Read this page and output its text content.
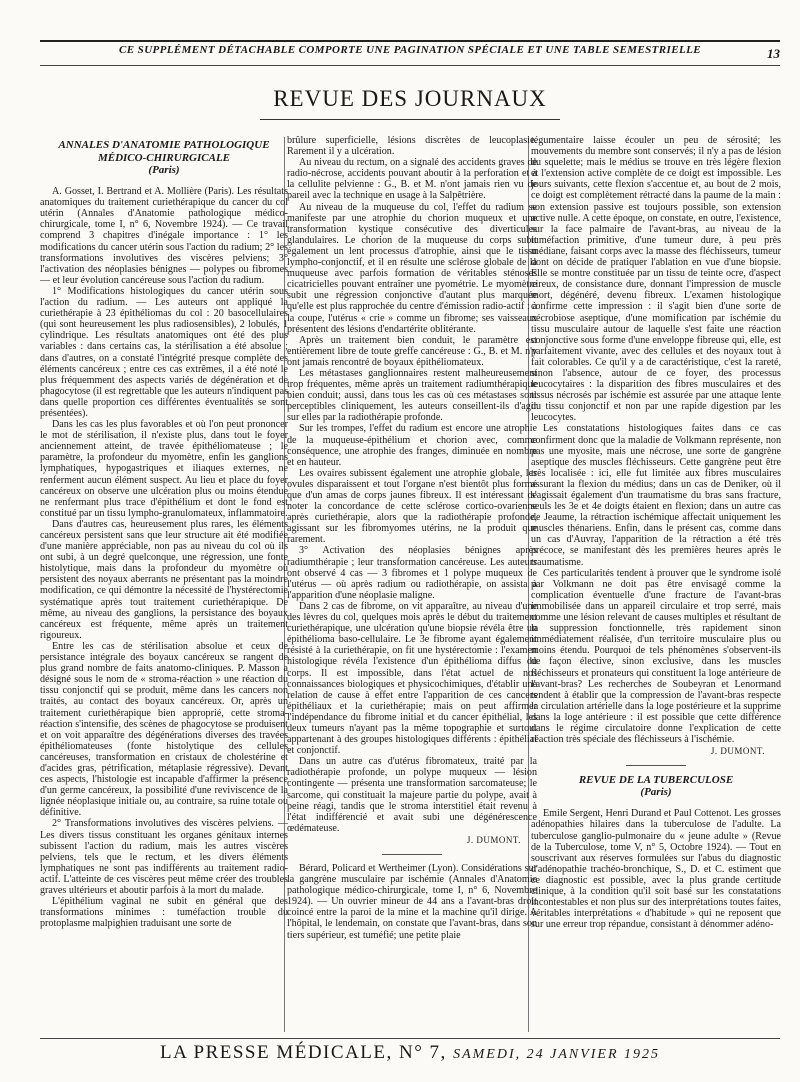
CE SUPPLÉMENT DÉTACHABLE COMPORTE UNE PAGINATION SPÉCIALE ET UNE TABLE SEMESTRIELLE	13
REVUE DES JOURNAUX
ANNALES D'ANATOMIE PATHOLOGIQUE MÉDICO-CHIRURGICALE
(Paris)

A. Gosset, I. Bertrand et A. Mollière (Paris). Les résultats anatomiques du traitement curiethérapique du cancer du col utérin (Annales d'Anatomie pathologique médico-chirurgicale, tome I, n° 6, Novembre 1924). — Ce travail comprend 3 chapitres d'inégale importance : 1° les modifications du cancer utérin sous l'action du radium; 2° les transformations involutives des viscères pelviens; 3° l'activation des néoplasies bénignes — polypes ou fibromes — et leur évolution cancéreuse sous l'action du radium.

1° Modifications histologiques du cancer utérin sous l'action du radium. — Les auteurs ont appliqué la curiethérapie à 23 épithéliomas du col : 20 basocellulaires (qui sont heureusement les plus radiosensibles), 2 lobulés, 1 cylindrique. Les résultats anatomiques ont été des plus variables : dans certains cas, la stérilisation a été absolue ; dans d'autres, on a constaté l'intégrité presque complète des éléments cancéreux ; entre ces cas extrêmes, il a été noté le plus fréquemment des aspects variés de dégénération et de phagocytose (il est regrettable que les auteurs n'indiquent pas dans quelle proportion ces différentes éventualités se sont présentées).

Dans les cas les plus favorables et où l'on peut prononcer le mot de stérilisation, il n'existe plus, dans tout le foyer anciennement atteint, de travée épithéliomateuse ; le paramètre, la profondeur du myomètre, enfin les ganglions lymphatiques, hypogastriques et iliaques externes, ne renferment aucun élément suspect. Au lieu et place du foyer cancéreux on observe une ulcération plus ou moins étendue ne renfermant plus trace d'épithélium et dont le fond est constitué par un tissu lympho-granulomateux, inflammatoire.

Dans d'autres cas, heureusement plus rares, les éléments cancéreux persistent sans que leur structure ait été modifiée d'une manière appréciable, non pas au niveau du col où ils ont subi, à un degré quelconque, une régression, une fonte histolytique, mais dans la profondeur du myomètre où persistent des noyaux aberrants ne présentant pas la moindre modification, ce qui démontre la nécessité de l'hystérectomie systématique après tout traitement curiethérapique. De même, au niveau des ganglions, la persistance des boyaux cancéreux est fréquente, même après un traitement rigoureux.

Entre les cas de stérilisation absolue et ceux de persistance intégrale des boyaux cancéreux se rangent de plus grand nombre de faits anatomo-cliniques. P. Masson a désigné sous le nom de « stroma-réaction » une réaction du tissu conjonctif qui se produit, même dans les cancers non traités, au contact des boyaux cancéreux. Or, après un traitement curiethérapique bien approprié, cette stroma-réaction s'intensifie, des scènes de phagocytose se produisent et on voit apparaître des dégénérations diverses des travées épithéliomateuses (fonte histolytique des cellules cancéreuses, transformation en cristaux de cholestérine et d'acides gras, pétrification, métaplasie régressive). Devant ces aspects, l'histologie est incapable d'affirmer la présence d'un germe cancéreux, la possibilité d'une reviviscence de la lignée néoplasique initiale ou, au contraire, sa ruine totale ou définitive.

2° Transformations involutives des viscères pelviens. — Les divers tissus constituant les organes génitaux internes subissent l'action du radium, mais les autres viscères pelviens, tels que le rectum, et les divers éléments lymphatiques ne sont pas indifférents au traitement radio-actif. L'atteinte de ces viscères peut même créer des troubles graves ultérieurs et aboutir parfois à la mort du malade.

L'épithélium vaginal ne subit en général que des transformations minimes : tuméfaction trouble du protoplasme malpighien traduisant une sorte de

brûlure superficielle, lésions discrètes de leucoplasie. Rarement il y a ulcération.

Au niveau du rectum, on a signalé des accidents graves de radio-nécrose, accidents pouvant aboutir à la perforation et à la cellulite pelvienne : G., B. et M. n'ont jamais rien vu de pareil avec la technique en usage à la Salpêtrière.

Au niveau de la muqueuse du col, l'effet du radium se manifeste par une atrophie du chorion muqueux et une transformation kystique consécutive des diverticules glandulaires. Le chorion de la muqueuse du corps subit également un lent processus d'atrophie, ainsi que le tissu lympho-conjonctif, et il en résulte une sclérose globale de la muqueuse avec parfois formation de véritables sténoses cicatricielles pouvant entraîner une pyométrie. Le myomètre subit une régression conjonctive d'autant plus marquée qu'elle est plus rapprochée du centre d'émission radio-actif : à la coupe, l'utérus « crie » comme un fibrome; ses vaisseaux présentent des lésions d'endartérite oblitérante.

Après un traitement bien conduit, le paramètre est entièrement libre de toute greffe cancéreuse : G., B. et M. n'y ont jamais rencontré de boyaux épithéliomateux.

Les métastases ganglionnaires restent malheureusement trop fréquentes, même après un traitement radiumthérapique bien conduit; aussi, dans tous les cas où ces métastases sont perceptibles cliniquement, les auteurs conseillent-ils d'agir sur elles par la radiothérapie profonde.

Sur les trompes, l'effet du radium est encore une atrophie de la muqueuse-épithélium et chorion avec, comme conséquence, une atrophie des franges, diminuée en nombre et en hauteur.

Les ovaires subissent également une atrophie globale, les ovules disparaissent et tout l'organe n'est bientôt plus formé que d'un amas de corps jaunes fibreux. Il est intéressant de noter la concordance de cette sclérose cortico-ovarienne après curiethérapie, alors que la radiothérapie profonde, agissant sur les fibromyomes utérins, ne la produit que rarement.

3° Activation des néoplasies bénignes après radiumthérapie ; leur transformation cancéreuse. Les auteurs ont observé 4 cas — 3 fibromes et 1 polype muqueux de l'utérus — où après radium ou radiothérapie, on assista à l'apparition d'une néoplasie maligne.

Dans 2 cas de fibrome, on vit apparaître, au niveau d'une des lèvres du col, quelques mois après le début du traitement curiethérapique, une ulcération qu'une biopsie révéla être un épithélioma baso-cellulaire. Le 3e fibrome ayant également résisté à la curiethérapie, on fit une hystérectomie : l'examen histologique révéla l'existence d'un épithélioma diffus du corps. Il est impossible, dans l'état actuel de nos connaissances biologiques et physicochimiques, d'établir une relation de cause à effet entre l'apparition de ces cancers épithéliaux et la curiethérapie; mais on peut affirmer l'indépendance du fibrome initial et du cancer épithélial, les deux tumeurs n'ayant pas la même topographie et surtout appartenant à des groupes histologiques différents : épithélial et conjonctif.

Dans un autre cas d'utérus fibromateux, traité par la radiothérapie profonde, un polype muqueux — lésion contingente — présenta une transformation sarcomateuse; le sarcome, qui constituait la majeure partie du polype, avait à peine réagi, tandis que le stroma interstitiel était revenu à l'état indifférencié et avait subi une dégénérescence œdémateuse.

J. DUMONT.

Bérard, Policard et Wertheimer (Lyon). Considérations sur la gangrène musculaire par ischémie (Annales d'Anatomie pathologique médico-chirurgicale, tome I, n° 6, Novembre 1924). — Un ouvrier mineur de 44 ans a l'avant-bras droit coincé entre la paroi de la mine et la machine qu'il dirige. A l'hôpital, le lendemain, on constate que l'avant-bras, dans son tiers supérieur, est tuméfié; une petite plaie

tégumentaire laisse écouler un peu de sérosité; les mouvements du membre sont conservés; il n'y a pas de lésion du squelette; mais le médius se trouve en très légère flexion et l'extension active complète de ce doigt est impossible. Les jours suivants, cette flexion s'accentue et, au bout de 2 mois, ce doigt est complètement rétracté dans la paume de la main : son extension passive est toujours possible, son extension active nulle. A cette époque, on constate, en outre, l'existence, sur la face palmaire de l'avant-bras, au niveau de la tuméfaction primitive, d'une tumeur dure, à peu près médiane, faisant corps avec la masse des fléchisseurs, tumeur dont on décide de pratiquer l'ablation en vue d'une biopsie. Elle se montre constituée par un tissu de teinte ocre, d'aspect cireux, de consistance dure, donnant l'impression de muscle mort, dégénéré, devenu fibreux. L'examen histologique confirme cette impression : il s'agit bien d'une sorte de nécrobiose aseptique, d'une momification par ischémie du tissu musculaire autour de laquelle s'est faite une réaction conjonctive sous forme d'une enveloppe fibreuse qui, elle, est parfaitement vivante, avec des cellules et des noyaux tout à fait colorables. Ce qu'il y a de caractéristique, c'est la rareté, sinon l'absence, autour de ce foyer, des processus leucocytaires : la disparition des fibres musculaires et des tissus nécrosés par ischémie est assurée par une attaque lente du tissu conjonctif et non par une rapide digestion par les leucocytes.

Les constatations histologiques faites dans ce cas confirment donc que la maladie de Volkmann représente, non pas une myosite, mais une nécrose, une sorte de gangrène aseptique des muscles fléchisseurs. Cette gangrène peut être très localisée : ici, elle fut limitée aux fibres musculaires assurant la flexion du médius; dans un cas de Deniker, où il s'agissait également d'un traumatisme du bras sans fracture, seuls les 3e et 4e doigts étaient en flexion; dans un autre cas de Jeaume, la rétraction ischémique affectait uniquement les muscles thénariens. Enfin, dans le présent cas, comme dans un cas d'Auvray, l'apparition de la rétraction a été très précoce, se manifestant dès les premières heures après le traumatisme.

Ces particularités tendent à prouver que le syndrome isolé par Volkmann ne doit pas être envisagé comme la complication éventuelle d'une fracture de l'avant-bras immobilisée dans un appareil circulaire et trop serré, mais comme une lésion relevant de causes multiples et résultant de la suppression fonctionnelle, très rapidement sinon immédiatement réalisée, d'un territoire musculaire plus ou moins étendu. Pourquoi de tels phénomènes s'observent-ils de façon élective, sinon exclusive, dans les muscles fléchisseurs et pronateurs qui constituent la loge antérieure de l'avant-bras? Les recherches de Soubeyran et Lenormand tendent à établir que la compression de l'avant-bras respecte la circulation artérielle dans la loge postérieure et la supprime dans la loge antérieure : il est possible que cette différence dans le régime circulatoire donne l'explication de cette réaction très spéciale des fléchisseurs à l'ischémie.

J. DUMONT.
REVUE DE LA TUBERCULOSE
(Paris)

Emile Sergent, Henri Durand et Paul Cottenot. Les grosses adénopathies hilaires dans la tuberculose de l'adulte. La tuberculose ganglio-pulmonaire du « jeune adulte » (Revue de la Tuberculose, tome V, n° 5, Octobre 1924). — Tout en souscrivant aux réserves formulées sur l'abus du diagnostic d'adénopathie trachéo-bronchique, S., D. et C. estiment que ce diagnostic est possible, avec la plus grande certitude clinique, à la condition qu'il soit basé sur les constatations incontestables et non plus sur des interprétations toutes faites, véritables interprétations « d'habitude » qui ne reposent que sur une erreur trop répandue, consistant à dénommer adéno-

LA PRESSE MÉDICALE, N° 7, SAMEDI, 24 JANVIER 1925
